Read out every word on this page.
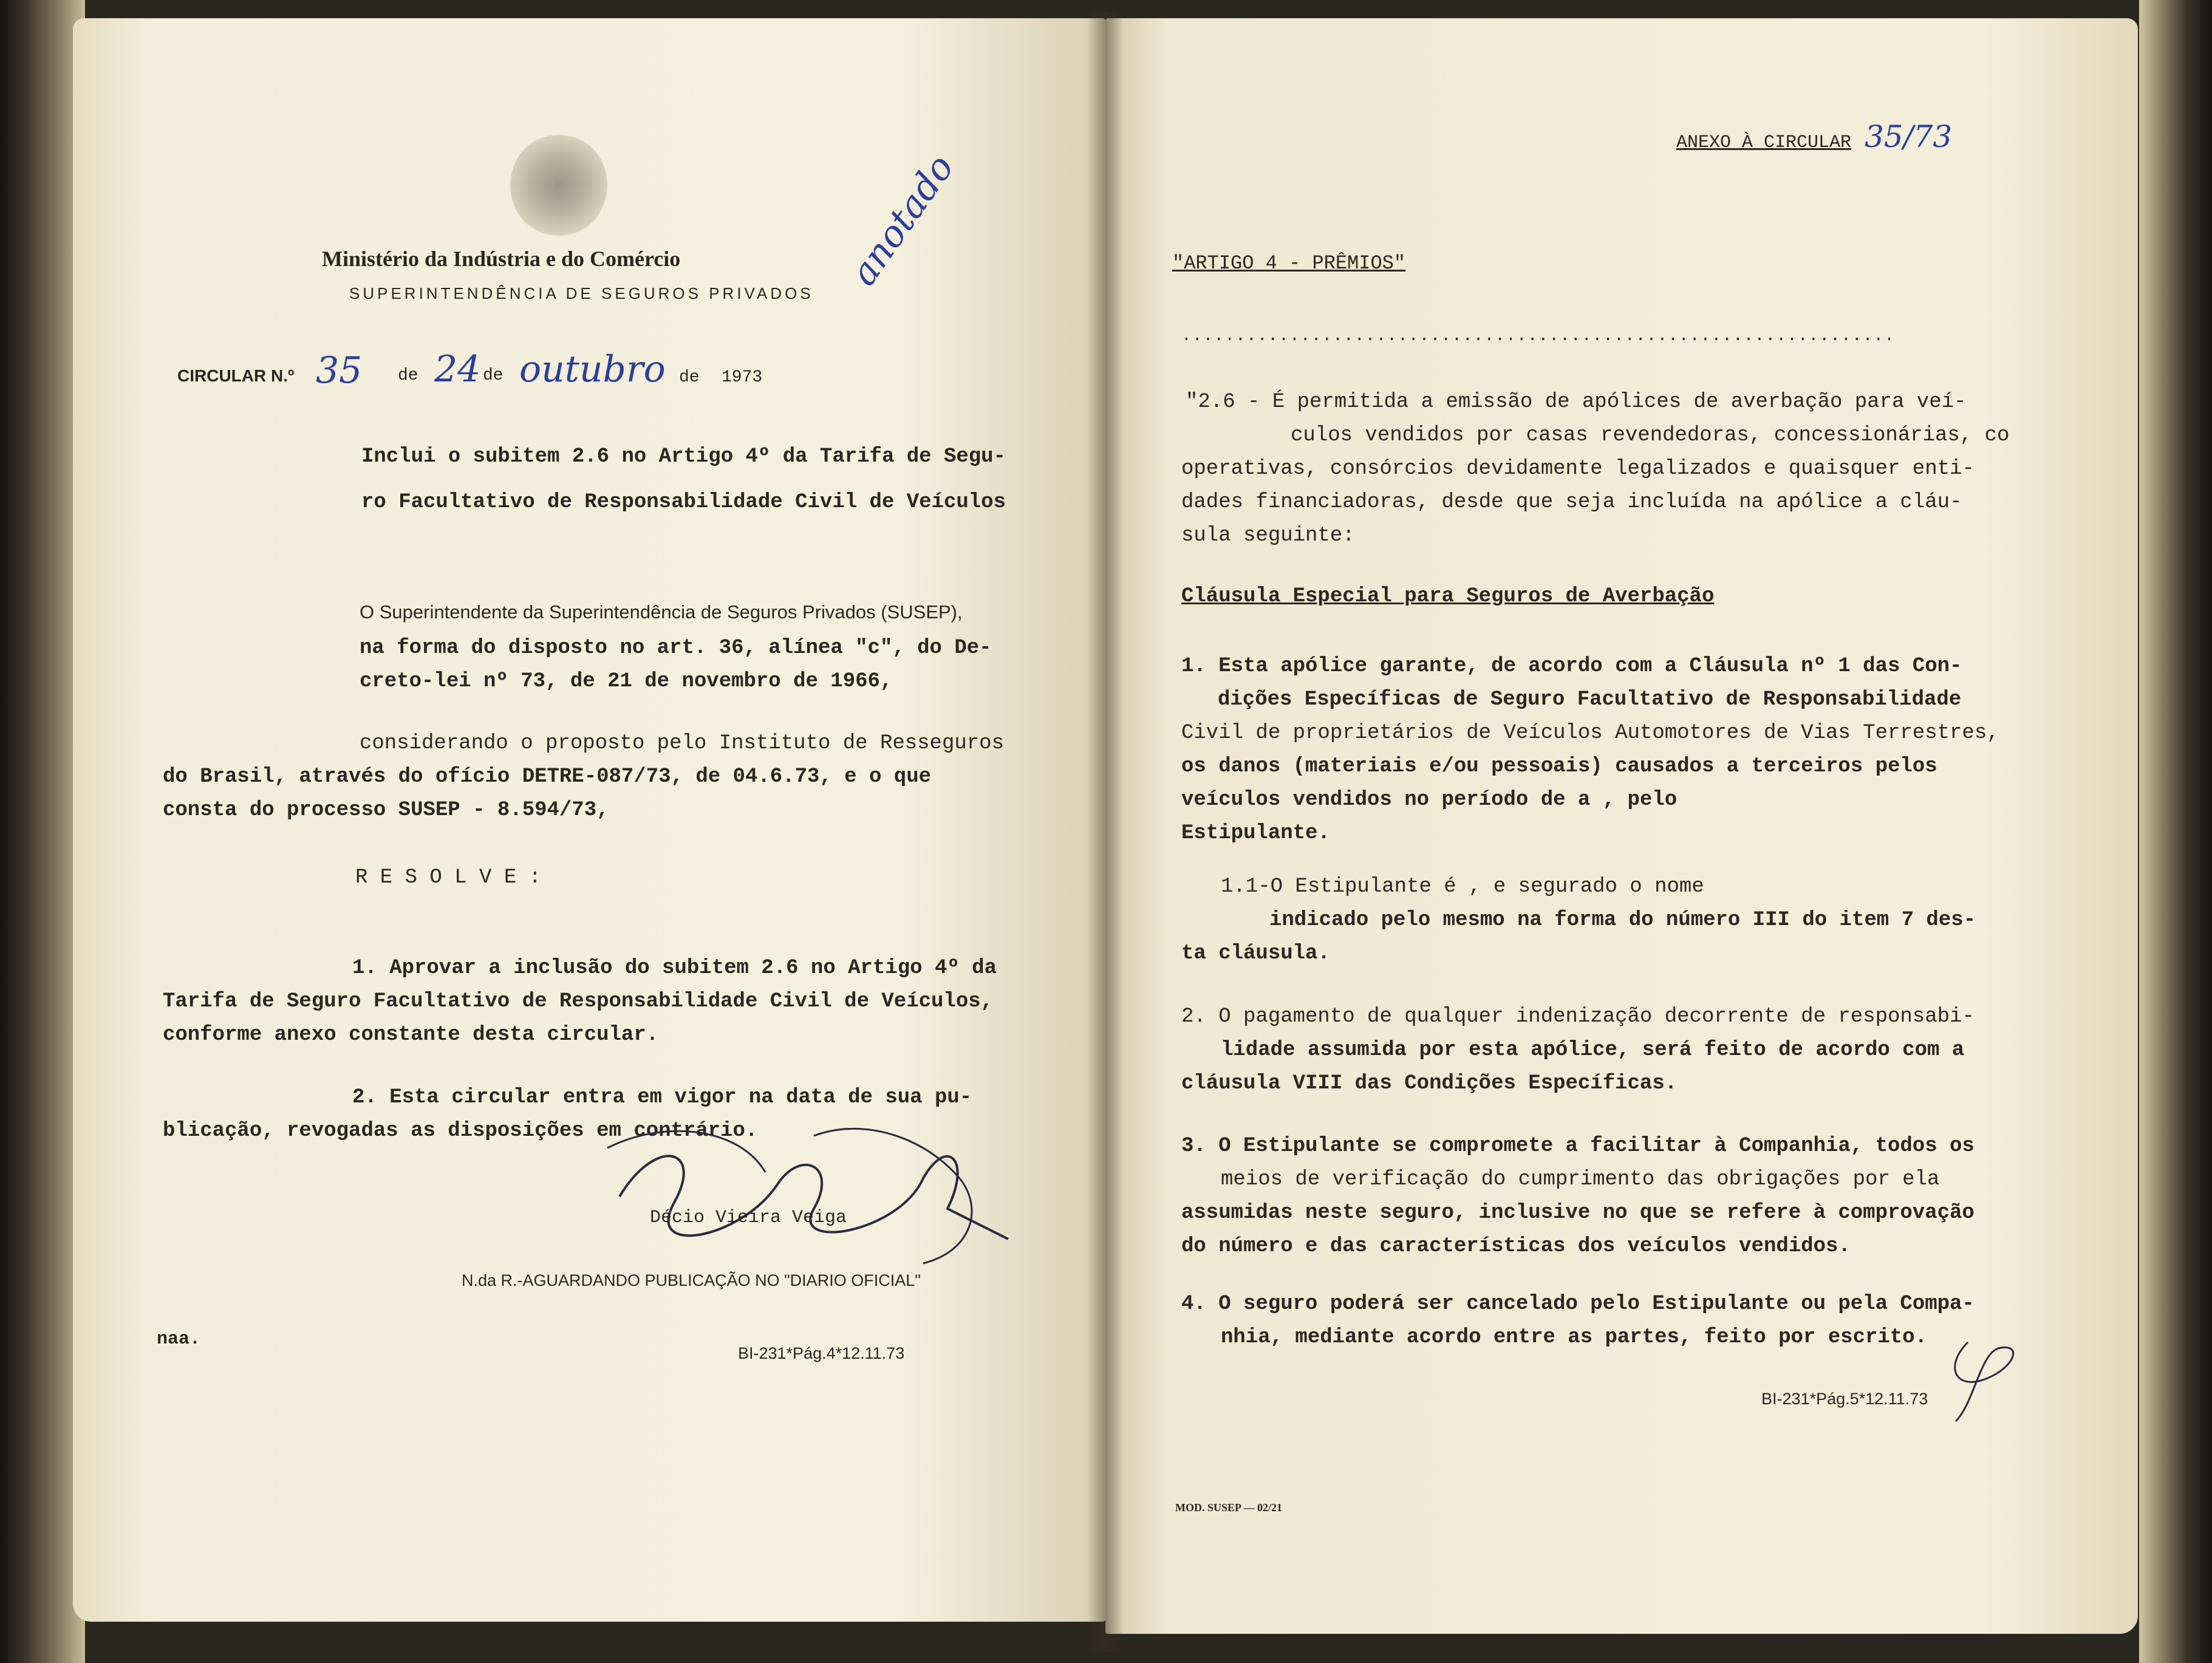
Ministério da Indústria e do Comércio
SUPERINTENDÊNCIA DE SEGUROS PRIVADOS
anotado
CIRCULAR N.º 35 de 24 de outubro de 1973
Inclui o subitem 2.6 no Artigo 4º da Tarifa de Segu-
ro Facultativo de Responsabilidade Civil de Veículos
O Superintendente da Superintendência de Seguros Privados (SUSEP),
na forma do disposto no art. 36, alínea "c", do De-
creto-lei nº 73, de 21 de novembro de 1966,
considerando o proposto pelo Instituto de Resseguros
do Brasil, através do ofício DETRE-087/73, de 04.6.73, e o que
consta do processo SUSEP - 8.594/73,
R E S O L V E :
1. Aprovar a inclusão do subitem 2.6 no Artigo 4º da
Tarifa de Seguro Facultativo de Responsabilidade Civil de Veículos,
conforme anexo constante desta circular.
2. Esta circular entra em vigor na data de sua pu-
blicação, revogadas as disposições em contrário.
Décio Vieira Veiga
N.da R.-AGUARDANDO PUBLICAÇÃO NO "DIARIO OFICIAL"
naa.
BI-231*Pág.4*12.11.73
ANEXO À CIRCULAR 35/73
"ARTIGO 4 - PRÊMIOS"
..................................................................
"2.6 - É permitida a emissão de apólices de averbação para veí-
culos vendidos por casas revendedoras, concessionárias, co
operativas, consórcios devidamente legalizados e quaisquer enti-
dades financiadoras, desde que seja incluída na apólice a cláu-
sula seguinte:
Cláusula Especial para Seguros de Averbação
1. Esta apólice garante, de acordo com a Cláusula nº 1 das Con-
dições Específicas de Seguro Facultativo de Responsabilidade
Civil de proprietários de Veículos Automotores de Vias Terrestres,
os danos (materiais e/ou pessoais) causados a terceiros pelos
veículos vendidos no período de a , pelo
Estipulante.
1.1-O Estipulante é , e segurado o nome
indicado pelo mesmo na forma do número III do item 7 des-
ta cláusula.
2. O pagamento de qualquer indenização decorrente de responsabi-
lidade assumida por esta apólice, será feito de acordo com a
cláusula VIII das Condições Específicas.
3. O Estipulante se compromete a facilitar à Companhia, todos os
meios de verificação do cumprimento das obrigações por ela
assumidas neste seguro, inclusive no que se refere à comprovação
do número e das características dos veículos vendidos.
4. O seguro poderá ser cancelado pelo Estipulante ou pela Compa-
nhia, mediante acordo entre as partes, feito por escrito.
BI-231*Pág.5*12.11.73
MOD. SUSEP — 02/21
